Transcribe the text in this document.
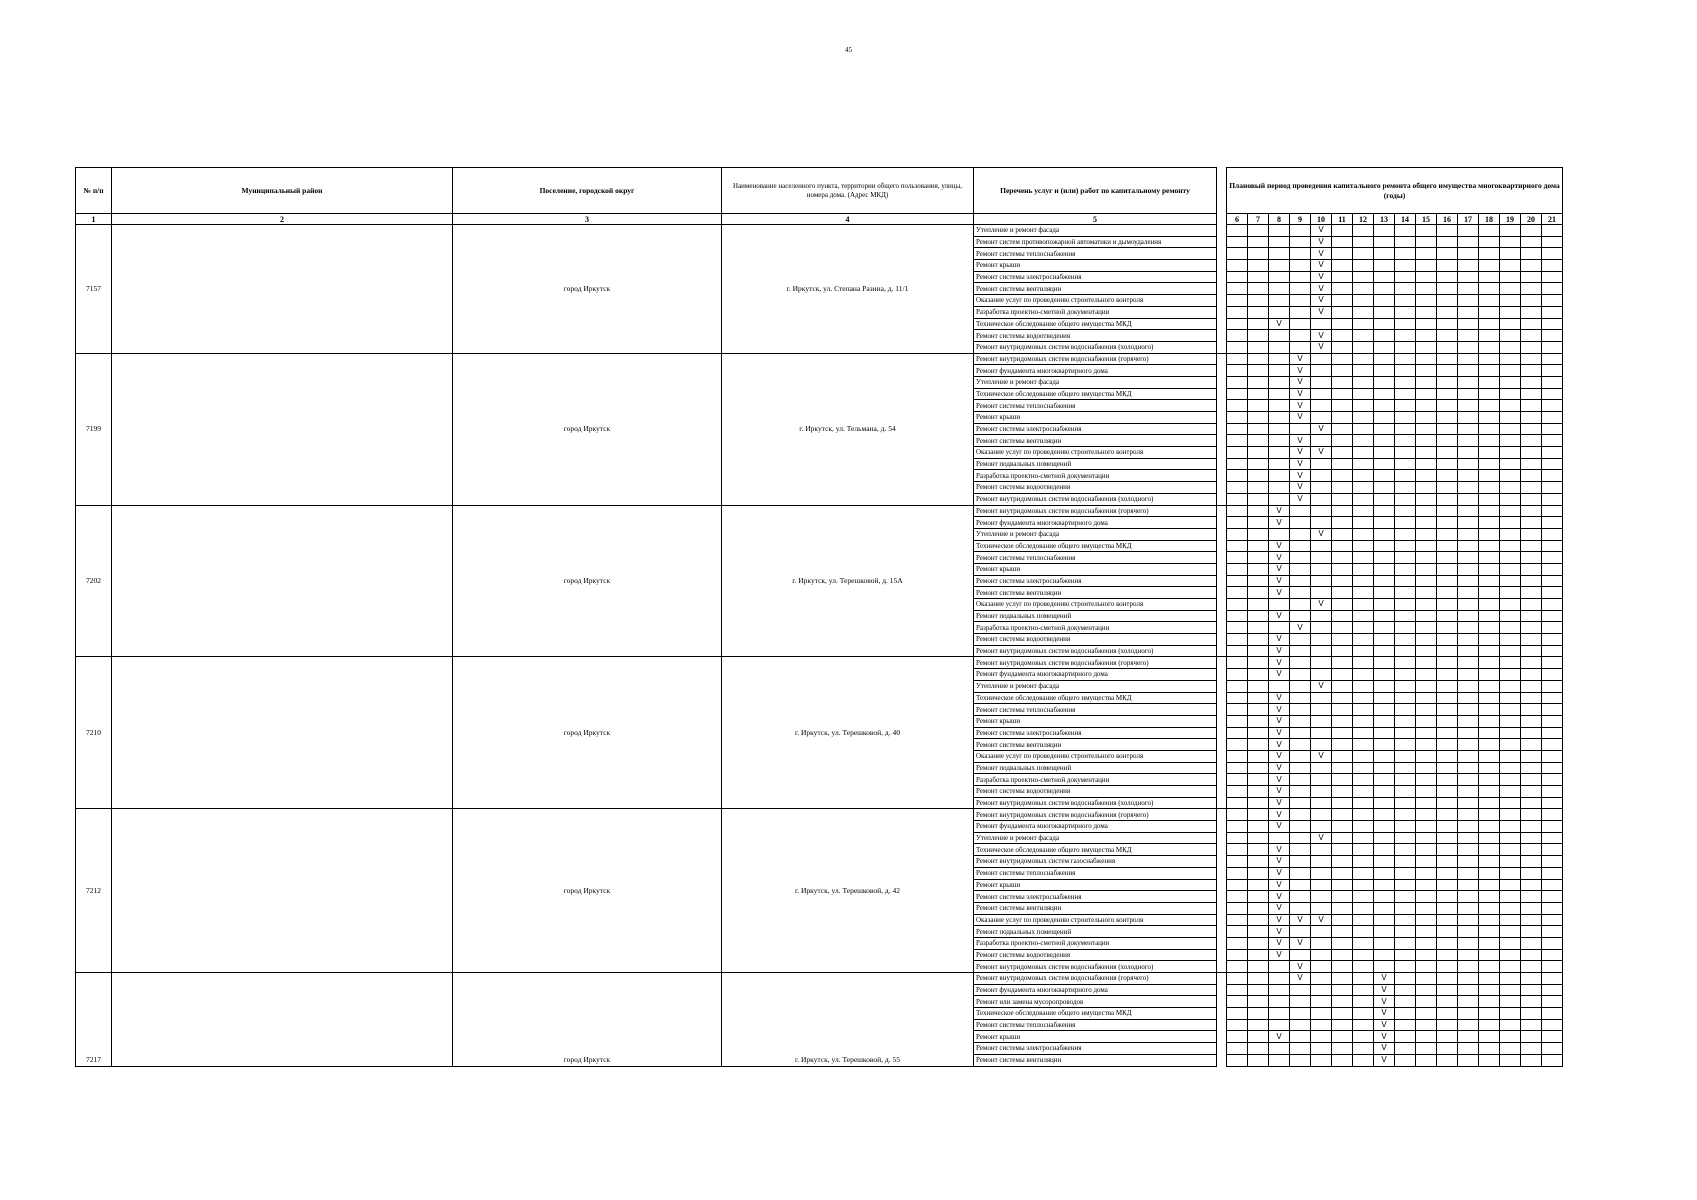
45
№ п/п	Муниципальный район	Поселение, городской округ	Наименование населенного пункта, территории общего пользования, улицы, номера дома. (Адрес МКД)	Перечень услуг и (или) работ по капитальному ремонту		Плановый период проведения капитального ремонта общего имущества многоквартирного дома (годы)															
1	2	3	4	5		6	7	8	9	10	11	12	13	14	15	16	17	18	19	20	21
7157		город Иркутск	г. Иркутск, ул. Степана Разина, д. 11/1	Утепление и ремонт фасада						V											
				Ремонт систем противопожарной автоматики и дымоудаления						V											
				Ремонт системы теплоснабжения						V											
				Ремонт крыши						V											
				Ремонт системы электроснабжения						V											
				Ремонт системы вентиляции						V											
				Оказание услуг по проведению строительного контроля						V											
				Разработка проектно-сметной документации						V											
				Техническое обследование общего имущества МКД				V													
				Ремонт системы водоотведения						V											
				Ремонт внутридомовых систем водоснабжения (холодного)						V											
7199		город Иркутск	г. Иркутск, ул. Тельмана, д. 54	Ремонт внутридомовых систем водоснабжения (горячего)					V												
				Ремонт фундамента многоквартирного дома					V												
				Утепление и ремонт фасада					V												
				Техническое обследование общего имущества МКД					V												
				Ремонт системы теплоснабжения					V												
				Ремонт крыши					V												
				Ремонт системы электроснабжения						V											
				Ремонт системы вентиляции					V												
				Оказание услуг по проведению строительного контроля					V	V											
				Ремонт подвальных помещений					V												
				Разработка проектно-сметной документации					V												
				Ремонт системы водоотведения					V												
				Ремонт внутридомовых систем водоснабжения (холодного)					V												
7202		город Иркутск	г. Иркутск, ул. Терешковой, д. 15А	Ремонт внутридомовых систем водоснабжения (горячего)				V													
				Ремонт фундамента многоквартирного дома				V													
				Утепление и ремонт фасада						V											
				Техническое обследование общего имущества МКД				V													
				Ремонт системы теплоснабжения				V													
				Ремонт крыши				V													
				Ремонт системы электроснабжения				V													
				Ремонт системы вентиляции				V													
				Оказание услуг по проведению строительного контроля						V											
				Ремонт подвальных помещений				V													
				Разработка проектно-сметной документации					V												
				Ремонт системы водоотведения				V													
				Ремонт внутридомовых систем водоснабжения (холодного)				V													
7210		город Иркутск	г. Иркутск, ул. Терешковой, д. 40	Ремонт внутридомовых систем водоснабжения (горячего)				V													
				Ремонт фундамента многоквартирного дома				V													
				Утепление и ремонт фасада						V											
				Техническое обследование общего имущества МКД				V													
				Ремонт системы теплоснабжения				V													
				Ремонт крыши				V													
				Ремонт системы электроснабжения				V													
				Ремонт системы вентиляции				V													
				Оказание услуг по проведению строительного контроля				V		V											
				Ремонт подвальных помещений				V													
				Разработка проектно-сметной документации				V													
				Ремонт системы водоотведения				V													
				Ремонт внутридомовых систем водоснабжения (холодного)				V													
7212		город Иркутск	г. Иркутск, ул. Терешковой, д. 42	Ремонт внутридомовых систем водоснабжения (горячего)				V													
				Ремонт фундамента многоквартирного дома				V													
				Утепление и ремонт фасада						V											
				Техническое обследование общего имущества МКД				V													
				Ремонт внутридомовых систем газоснабжения				V													
				Ремонт системы теплоснабжения				V													
				Ремонт крыши				V													
				Ремонт системы электроснабжения				V													
				Ремонт системы вентиляции				V													
				Оказание услуг по проведению строительного контроля				V	V	V											
				Ремонт подвальных помещений				V													
				Разработка проектно-сметной документации				V	V												
				Ремонт системы водоотведения				V													
				Ремонт внутридомовых систем водоснабжения (холодного)					V												
7217		город Иркутск	г. Иркутск, ул. Терешковой, д. 55	Ремонт внутридомовых систем водоснабжения (горячего)					V				V								
				Ремонт фундамента многоквартирного дома									V								
				Ремонт или замена мусоропроводов									V								
				Техническое обследование общего имущества МКД									V								
				Ремонт системы теплоснабжения									V								
				Ремонт крыши				V					V								
				Ремонт системы электроснабжения									V								
				Ремонт системы вентиляции									V								
